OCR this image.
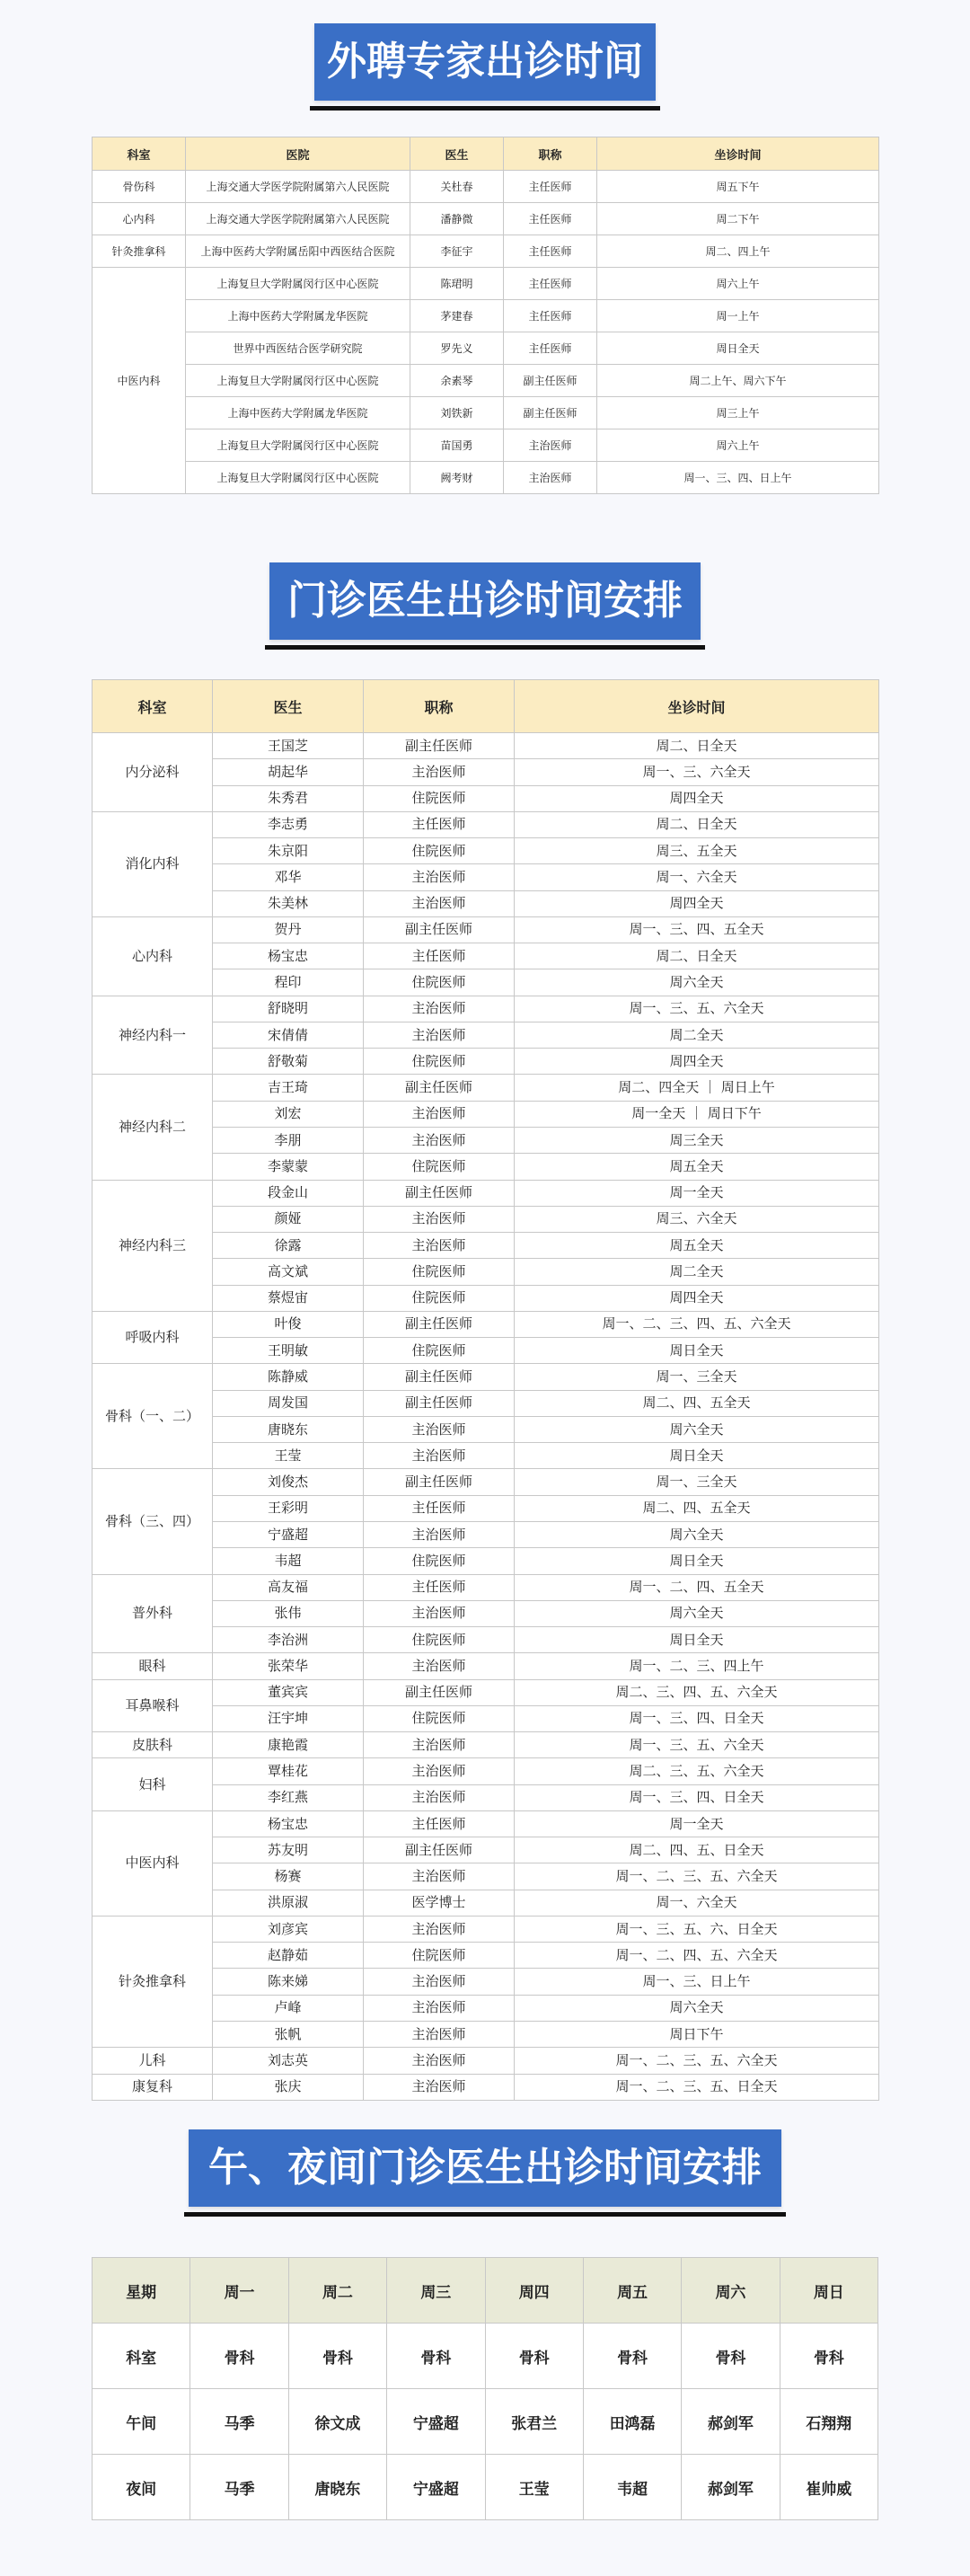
外聘专家出诊时间
科室	医院	医生	职称	坐诊时间
骨伤科	上海交通大学医学院附属第六人民医院	关杜春	主任医师	周五下午
心内科	上海交通大学医学院附属第六人民医院	潘静微	主任医师	周二下午
针灸推拿科	上海中医药大学附属岳阳中西医结合医院	李征宇	主任医师	周二、四上午
中医内科	上海复旦大学附属闵行区中心医院	陈珺明	主任医师	周六上午
	上海中医药大学附属龙华医院	茅建春	主任医师	周一上午
	世界中西医结合医学研究院	罗先义	主任医师	周日全天
	上海复旦大学附属闵行区中心医院	余素琴	副主任医师	周二上午、周六下午
	上海中医药大学附属龙华医院	刘铁新	副主任医师	周三上午
	上海复旦大学附属闵行区中心医院	苗国勇	主治医师	周六上午
	上海复旦大学附属闵行区中心医院	阙考财	主治医师	周一、三、四、日上午
门诊医生出诊时间安排
科室	医生	职称	坐诊时间
内分泌科	王国芝	副主任医师	周二、日全天
	胡起华	主治医师	周一、三、六全天
	朱秀君	住院医师	周四全天
消化内科	李志勇	主任医师	周二、日全天
	朱京阳	住院医师	周三、五全天
	邓华	主治医师	周一、六全天
	朱美林	主治医师	周四全天
心内科	贺丹	副主任医师	周一、三、四、五全天
	杨宝忠	主任医师	周二、日全天
	程印	住院医师	周六全天
神经内科一	舒晓明	主治医师	周一、三、五、六全天
	宋倩倩	主治医师	周二全天
	舒敬菊	住院医师	周四全天
神经内科二	吉王琦	副主任医师	周二、四全天 ｜ 周日上午
	刘宏	主治医师	周一全天 ｜ 周日下午
	李朋	主治医师	周三全天
	李蒙蒙	住院医师	周五全天
神经内科三	段金山	副主任医师	周一全天
	颜娅	主治医师	周三、六全天
	徐露	主治医师	周五全天
	高文斌	住院医师	周二全天
	蔡煜宙	住院医师	周四全天
呼吸内科	叶俊	副主任医师	周一、二、三、四、五、六全天
	王明敏	住院医师	周日全天
骨科（一、二）	陈静威	副主任医师	周一、三全天
	周发国	副主任医师	周二、四、五全天
	唐晓东	主治医师	周六全天
	王莹	主治医师	周日全天
骨科（三、四）	刘俊杰	副主任医师	周一、三全天
	王彩明	主任医师	周二、四、五全天
	宁盛超	主治医师	周六全天
	韦超	住院医师	周日全天
普外科	高友福	主任医师	周一、二、四、五全天
	张伟	主治医师	周六全天
	李治洲	住院医师	周日全天
眼科	张荣华	主治医师	周一、二、三、四上午
耳鼻喉科	董宾宾	副主任医师	周二、三、四、五、六全天
	汪宇坤	住院医师	周一、三、四、日全天
皮肤科	康艳霞	主治医师	周一、三、五、六全天
妇科	覃桂花	主治医师	周二、三、五、六全天
	李红燕	主治医师	周一、三、四、日全天
中医内科	杨宝忠	主任医师	周一全天
	苏友明	副主任医师	周二、四、五、日全天
	杨赛	主治医师	周一、二、三、五、六全天
	洪原淑	医学博士	周一、六全天
针灸推拿科	刘彦宾	主治医师	周一、三、五、六、日全天
	赵静茹	住院医师	周一、二、四、五、六全天
	陈来娣	主治医师	周一、三、日上午
	卢峰	主治医师	周六全天
	张帆	主治医师	周日下午
儿科	刘志英	主治医师	周一、二、三、五、六全天
康复科	张庆	主治医师	周一、二、三、五、日全天
午、夜间门诊医生出诊时间安排
星期	周一	周二	周三	周四	周五	周六	周日
科室	骨科	骨科	骨科	骨科	骨科	骨科	骨科
午间	马季	徐文成	宁盛超	张君兰	田鸿磊	郝剑军	石翔翔
夜间	马季	唐晓东	宁盛超	王莹	韦超	郝剑军	崔帅威
